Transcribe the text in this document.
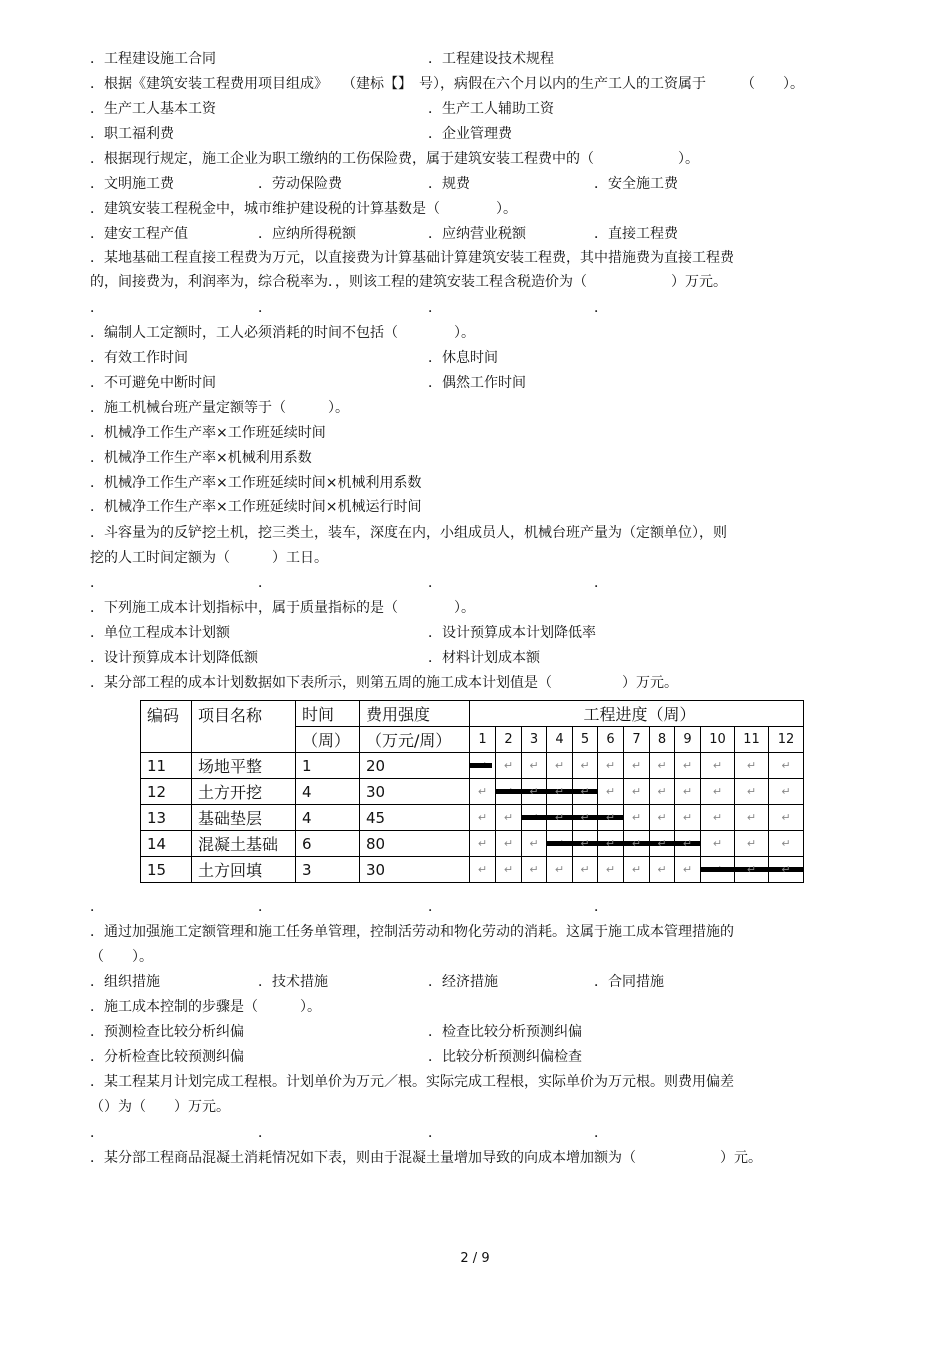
．工程建设施工合同	．工程建设技术规程
．根据《建筑安装工程费用项目组成》　　（建标【】　号），病假在六个月以内的生产工人的工资属于　　　（　　）。
．生产工人基本工资	．生产工人辅助工资
．职工福利费	．企业管理费
．根据现行规定，施工企业为职工缴纳的工伤保险费，属于建筑安装工程费中的（　　　　　　）。
．文明施工费	．劳动保险费	．规费	．安全施工费
．建筑安装工程税金中，城市维护建设税的计算基数是（　　　　）。
．建安工程产值	．应纳所得税额	．应纳营业税额	．直接工程费
．某地基础工程直接工程费为万元，以直接费为计算基础计算建筑安装工程费，其中措施费为直接工程费
的，间接费为，利润率为，综合税率为．，则该工程的建筑安装工程含税造价为（　　　　　　）万元。
．	．	．	．
．编制人工定额时，工人必须消耗的时间不包括（　　　　）。
．有效工作时间	．休息时间
．不可避免中断时间	．偶然工作时间
．施工机械台班产量定额等于（　　　）。
．机械净工作生产率×工作班延续时间
．机械净工作生产率×机械利用系数
．机械净工作生产率×工作班延续时间×机械利用系数
．机械净工作生产率×工作班延续时间×机械运行时间
．斗容量为的反铲挖土机，挖三类土，装车，深度在内，小组成员人，机械台班产量为（定额单位），则
挖的人工时间定额为（　　　）工日。
．	．	．	．
．下列施工成本计划指标中，属于质量指标的是（　　　　）。
．单位工程成本计划额	．设计预算成本计划降低率
．设计预算成本计划降低额	．材料计划成本额
．某分部工程的成本计划数据如下表所示，则第五周的施工成本计划值是（　　　　　）万元。
编码	项目名称	时间	费用强度	工程进度（周）											
		（周）	（万元/周）	1	2	3	4	5	6	7	8	9	10	11	12
11	场地平整	1	20		↵	↵	↵	↵	↵	↵	↵	↵	↵	↵	↵
12	土方开挖	4	30	↵		↵	↵	↵	↵	↵	↵	↵	↵	↵	↵
13	基础垫层	4	45	↵	↵		↵	↵	↵	↵	↵	↵	↵	↵	↵
14	混凝土基础	6	80	↵	↵	↵		↵	↵	↵	↵	↵	↵	↵	↵
15	土方回填	3	30	↵	↵	↵	↵	↵	↵	↵	↵	↵		↵	↵
．	．	．	．
．通过加强施工定额管理和施工任务单管理，控制活劳动和物化劳动的消耗。这属于施工成本管理措施的
（　　）。
．组织措施	．技术措施	．经济措施	．合同措施
．施工成本控制的步骤是（　　　）。
．预测检查比较分析纠偏	．检查比较分析预测纠偏
．分析检查比较预测纠偏	．比较分析预测纠偏检查
．某工程某月计划完成工程根。计划单价为万元／根。实际完成工程根，实际单价为万元根。则费用偏差
（）为（　　）万元。
．	．	．	．
．某分部工程商品混凝土消耗情况如下表，则由于混凝土量增加导致的向成本增加额为（　　　　　　）元。
2 / 9
